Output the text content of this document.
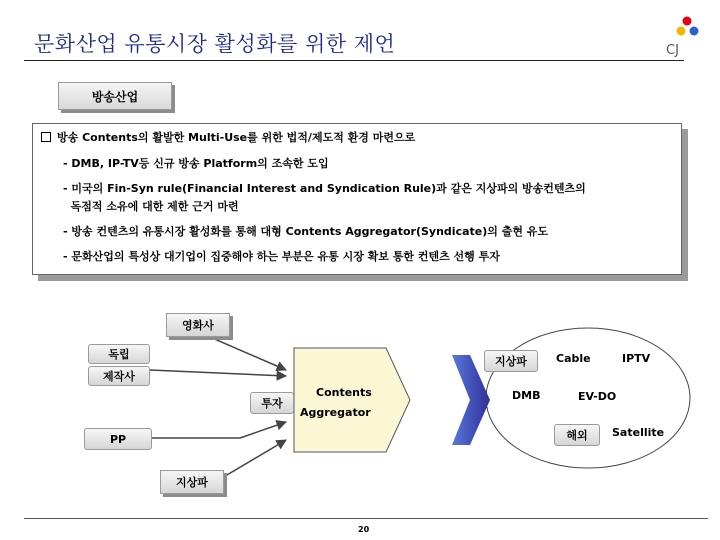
문화산업 유통시장 활성화를 위한 제언	CJ
방송산업
방송 Contents의 활발한 Multi-Use를 위한 법적/제도적 환경 마련으로
- DMB, IP-TV등 신규 방송 Platform의 조속한 도입
- 미국의 Fin-Syn rule(Financial Interest and Syndication Rule)과 같은 지상파의 방송컨텐츠의
독점적 소유에 대한 제한 근거 마련
- 방송 컨텐츠의 유통시장 활성화를 통해 대형 Contents Aggregator(Syndicate)의 출현 유도
- 문화산업의 특성상 대기업이 집중해야 하는 부분은 유통 시장 확보 통한 컨텐츠 선행 투자
영화사
독립
제작사
PP
지상파
투자
Contents
Aggregator
지상파	Cable	IPTV
DMB	EV-DO
해외	Satellite
20
